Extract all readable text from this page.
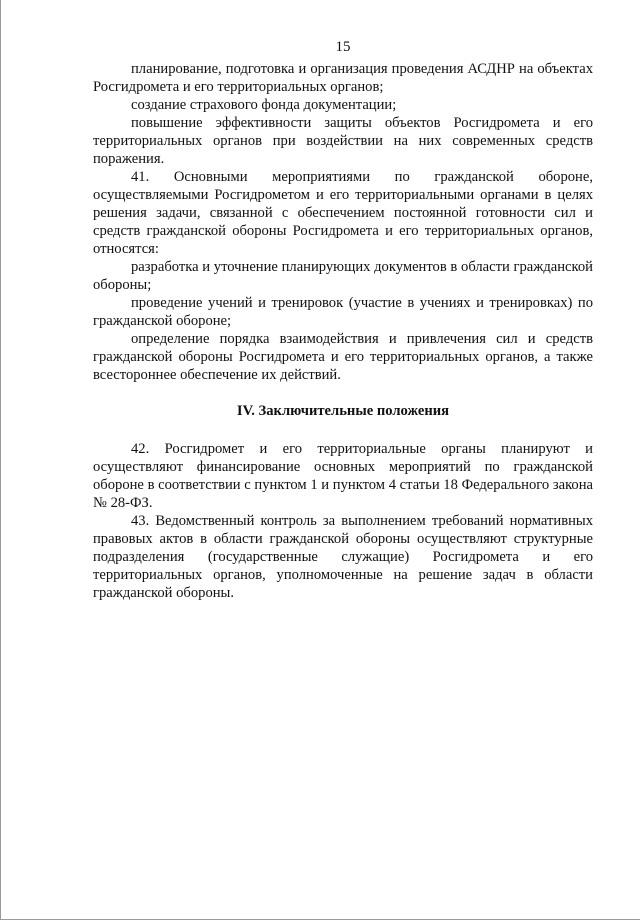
15

планирование, подготовка и организация проведения АСДНР на объектах Росгидромета и его территориальных органов;

создание страхового фонда документации;

повышение эффективности защиты объектов Росгидромета и его территориальных органов при воздействии на них современных средств поражения.

41. Основными мероприятиями по гражданской обороне, осуществляемыми Росгидрометом и его территориальными органами в целях решения задачи, связанной с обеспечением постоянной готовности сил и средств гражданской обороны Росгидромета и его территориальных органов, относятся:

разработка и уточнение планирующих документов в области гражданской обороны;

проведение учений и тренировок (участие в учениях и тренировках) по гражданской обороне;

определение порядка взаимодействия и привлечения сил и средств гражданской обороны Росгидромета и его территориальных органов, а также всестороннее обеспечение их действий.

IV. Заключительные положения

42. Росгидромет и его территориальные органы планируют и осуществляют финансирование основных мероприятий по гражданской обороне в соответствии с пунктом 1 и пунктом 4 статьи 18 Федерального закона № 28-ФЗ.

43. Ведомственный контроль за выполнением требований нормативных правовых актов в области гражданской обороны осуществляют структурные подразделения (государственные служащие) Росгидромета и его территориальных органов, уполномоченные на решение задач в области гражданской обороны.
